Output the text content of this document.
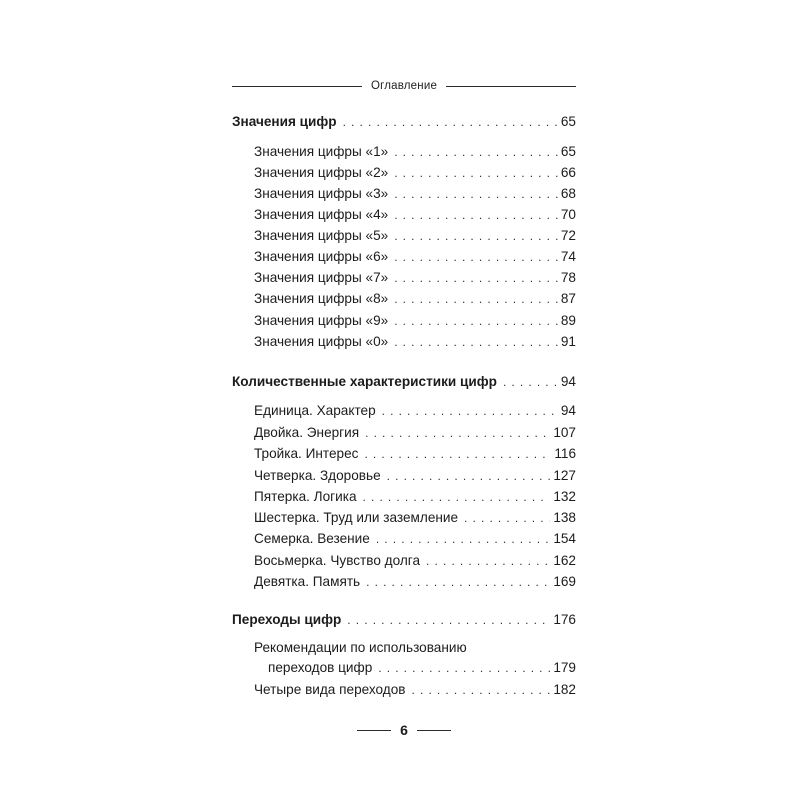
Оглавление
Значения цифр . . .	65
Значения цифры «1» . . .	65
Значения цифры «2» . . .	66
Значения цифры «3» . . .	68
Значения цифры «4» . . .	70
Значения цифры «5» . . .	72
Значения цифры «6» . . .	74
Значения цифры «7» . . .	78
Значения цифры «8» . . .	87
Значения цифры «9» . . .	89
Значения цифры «0» . . .	91
Количественные характеристики цифр . . .	94
Единица. Характер . . .	94
Двойка. Энергия . . .	107
Тройка. Интерес . . .	116
Четверка. Здоровье . . .	127
Пятерка. Логика . . .	132
Шестерка. Труд или заземление . . .	138
Семерка. Везение . . .	154
Восьмерка. Чувство долга . . .	162
Девятка. Память . . .	169
Переходы цифр . . .	176
Рекомендации по использованию
переходов цифр . . .	179
Четыре вида переходов . . .	182
6
